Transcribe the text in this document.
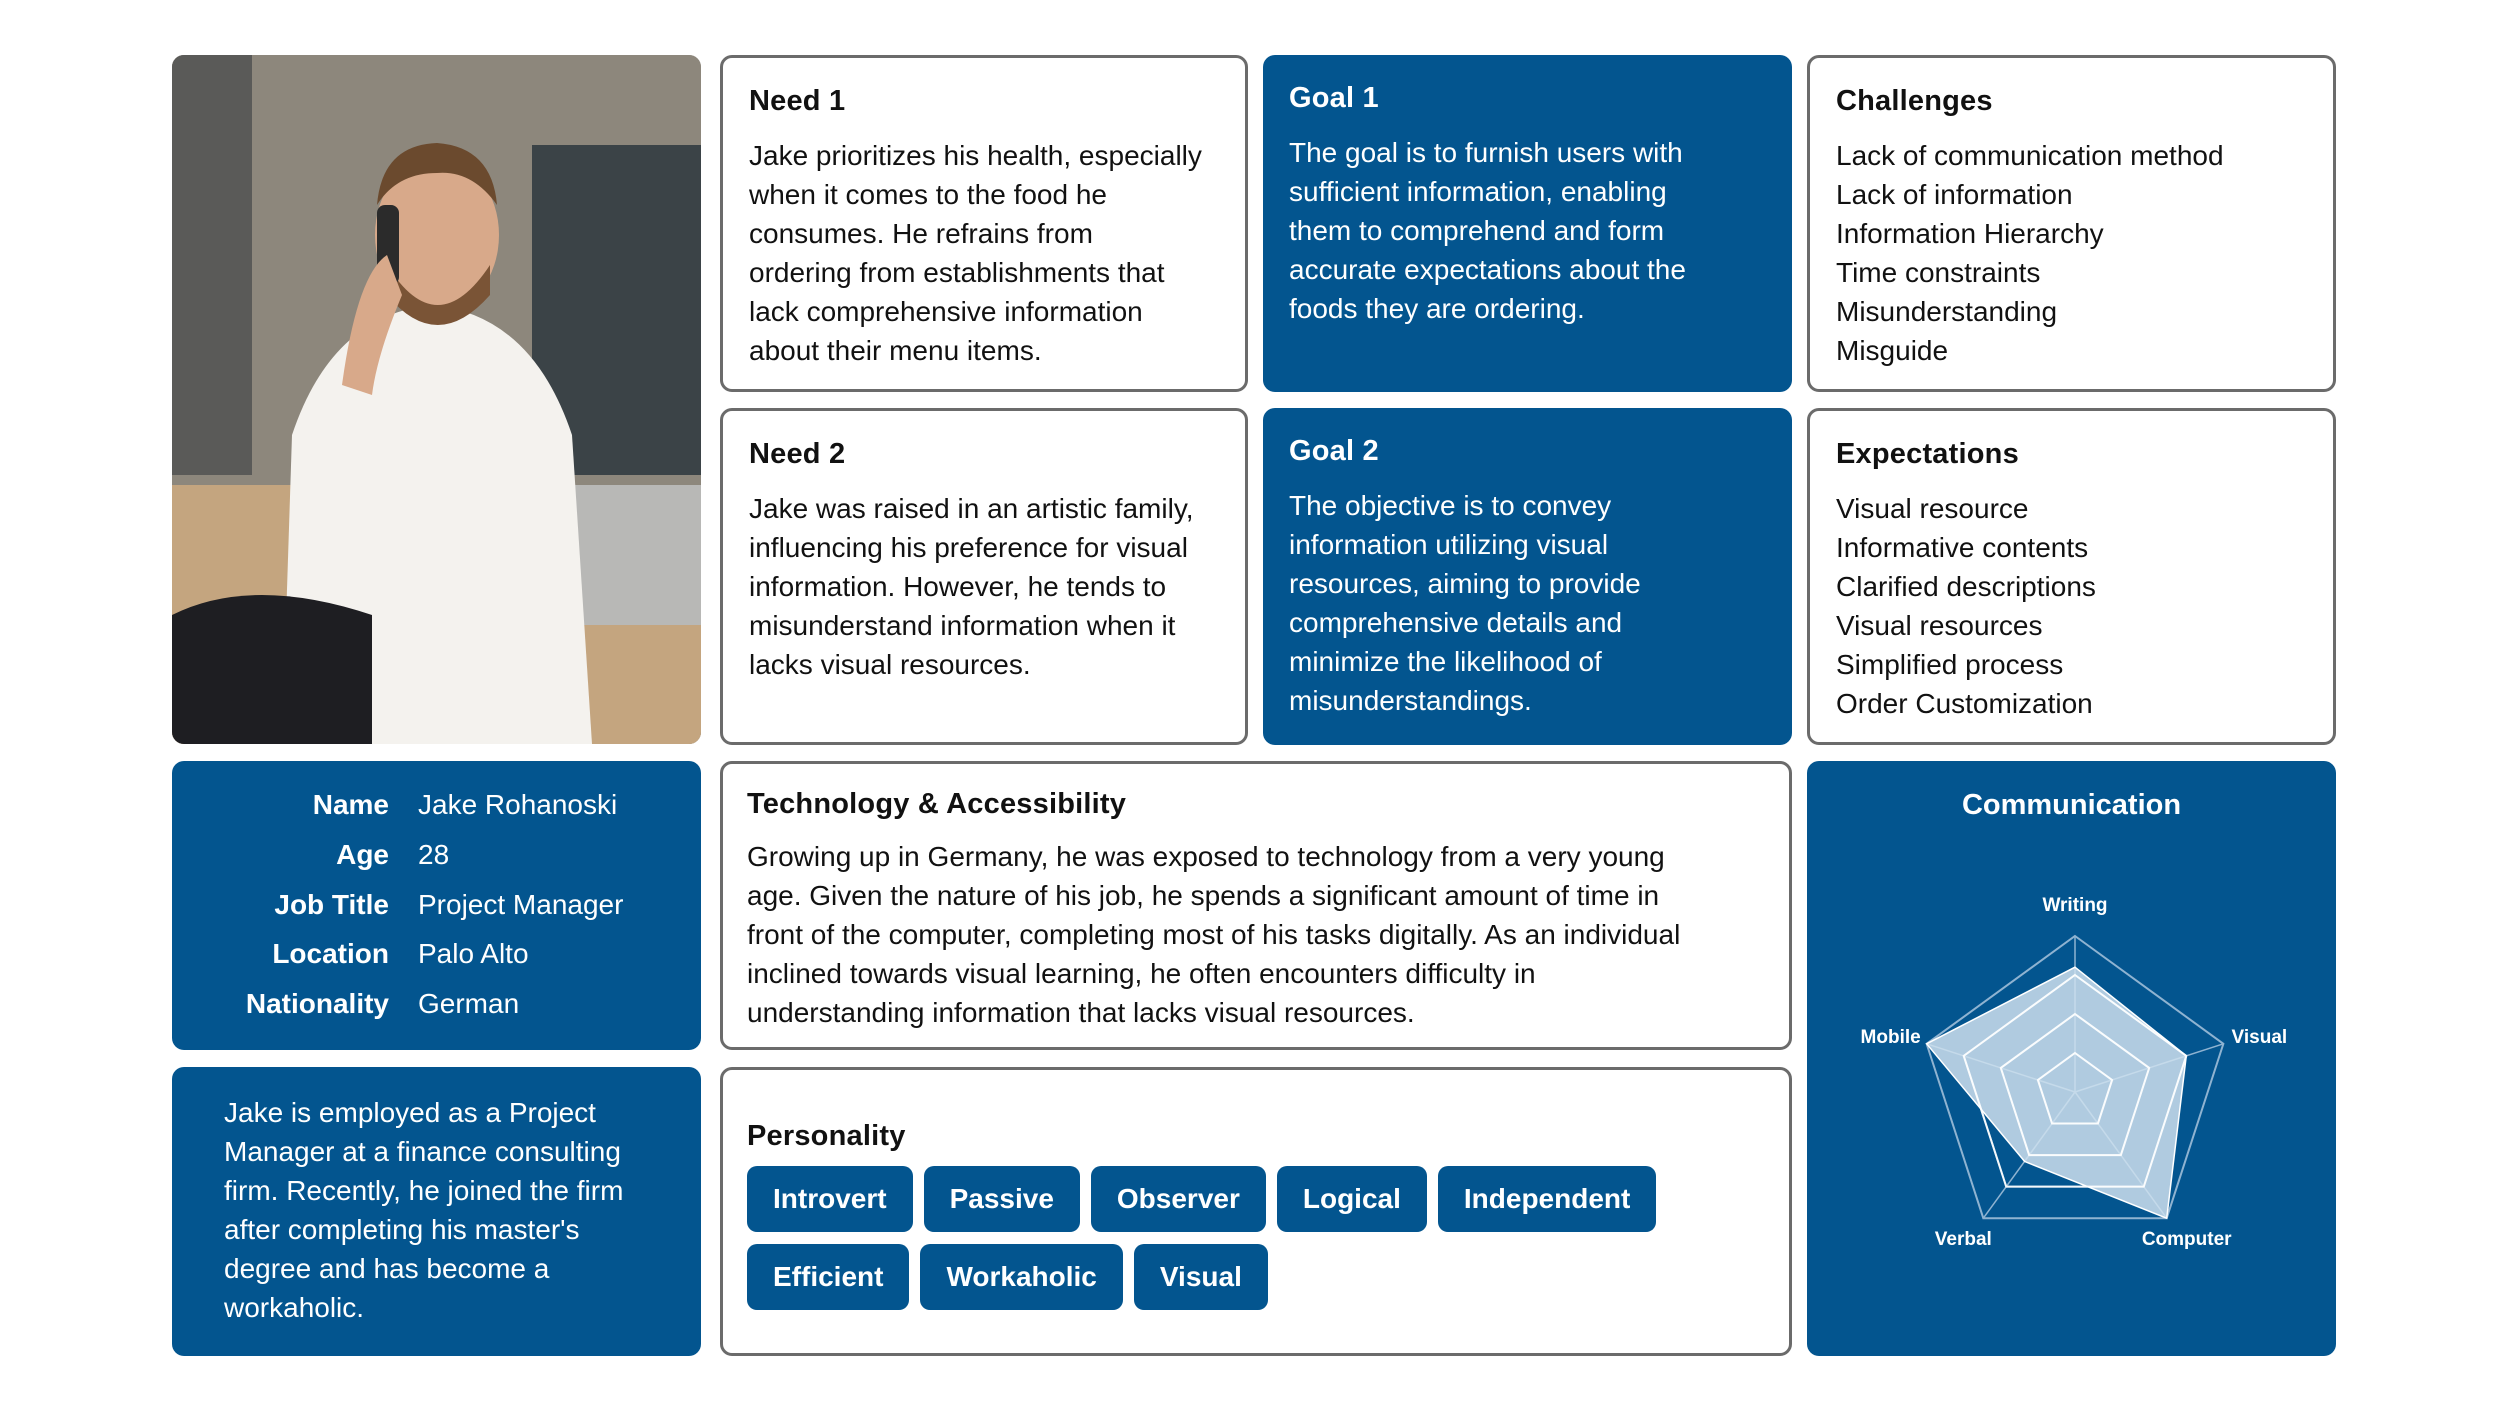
Need 1
Jake prioritizes his health, especially
when it comes to the food he
consumes. He refrains from
ordering from establishments that
lack comprehensive information
about their menu items.
Goal 1
The goal is to furnish users with
sufficient information, enabling
them to comprehend and form
accurate expectations about the
foods they are ordering.
Challenges
Lack of communication method
Lack of information
Information Hierarchy
Time constraints
Misunderstanding
Misguide
Need 2
Jake was raised in an artistic family,
influencing his preference for visual
information. However, he tends to
misunderstand information when it
lacks visual resources.
Goal 2
The objective is to convey
information utilizing visual
resources, aiming to provide
comprehensive details and
minimize the likelihood of
misunderstandings.
Expectations
Visual resource
Informative contents
Clarified descriptions
Visual resources
Simplified process
Order Customization
Name Jake Rohanoski
Age 28
Job Title Project Manager
Location Palo Alto
Nationality German
Technology & Accessibility
Growing up in Germany, he was exposed to technology from a very young
age. Given the nature of his job, he spends a significant amount of time in
front of the computer, completing most of his tasks digitally. As an individual
inclined towards visual learning, he often encounters difficulty in
understanding information that lacks visual resources.
Jake is employed as a Project
Manager at a finance consulting
firm. Recently, he joined the firm
after completing his master's
degree and has become a
workaholic.
Personality
Introvert	Passive	Observer	Logical	Independent
Efficient	Workaholic	Visual
Communication
Writing
Visual
Computer
Verbal
Mobile
